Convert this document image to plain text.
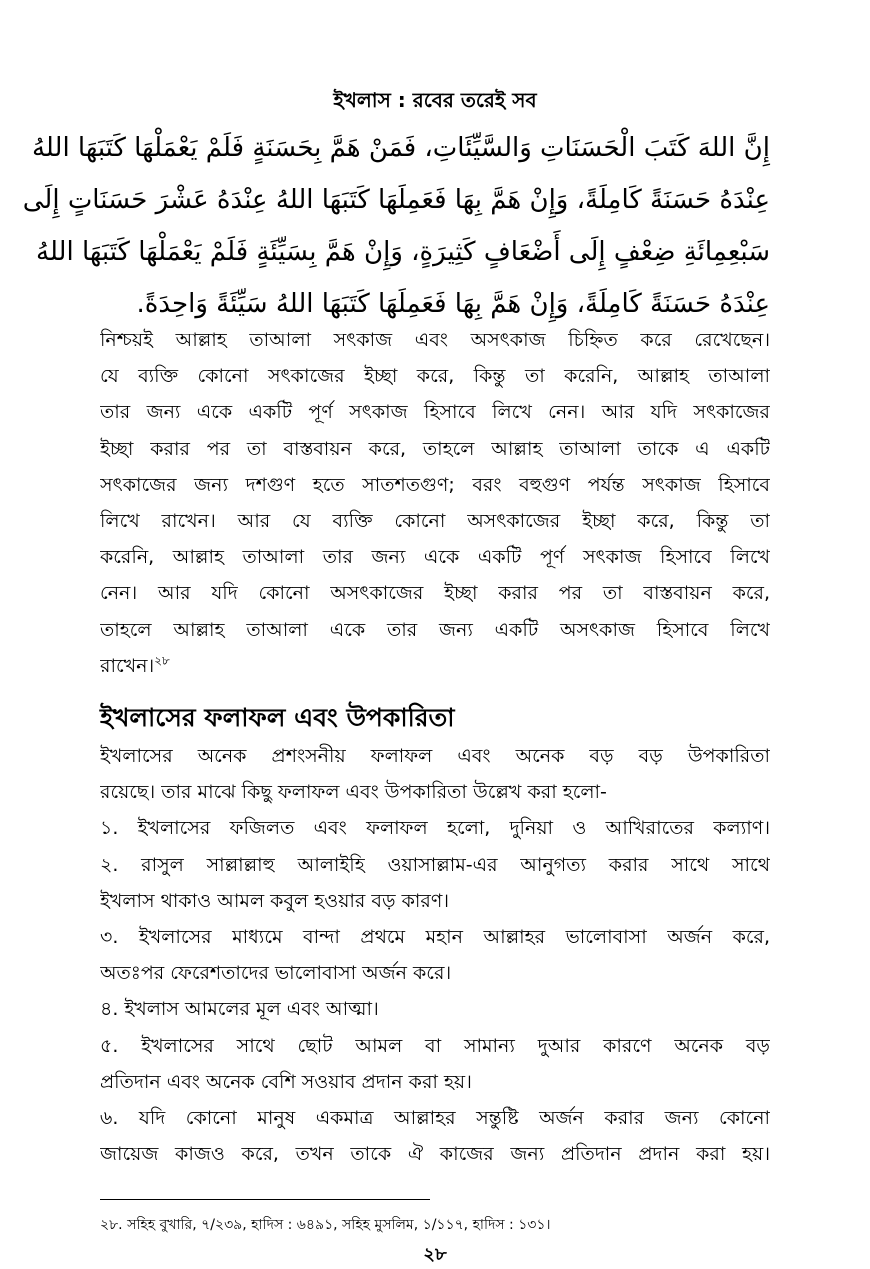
ইখলাস : রবের তরেই সব
إِنَّ اللهَ كَتَبَ الْحَسَنَاتِ وَالسَّيِّئَاتِ، فَمَنْ هَمَّ بِحَسَنَةٍ فَلَمْ يَعْمَلْهَا كَتَبَهَا اللهُ
عِنْدَهُ حَسَنَةً كَامِلَةً، وَإِنْ هَمَّ بِهَا فَعَمِلَهَا كَتَبَهَا اللهُ عِنْدَهُ عَشْرَ حَسَنَاتٍ إِلَى
سَبْعِمِائَةِ ضِعْفٍ إِلَى أَضْعَافٍ كَثِيرَةٍ، وَإِنْ هَمَّ بِسَيِّئَةٍ فَلَمْ يَعْمَلْهَا كَتَبَهَا اللهُ
عِنْدَهُ حَسَنَةً كَامِلَةً، وَإِنْ هَمَّ بِهَا فَعَمِلَهَا كَتَبَهَا اللهُ سَيِّئَةً وَاحِدَةً.
নিশ্চয়ই আল্লাহ তাআলা সৎকাজ এবং অসৎকাজ চিহ্নিত করে রেখেছেন।
যে ব্যক্তি কোনো সৎকাজের ইচ্ছা করে, কিন্তু তা করেনি, আল্লাহ তাআলা
তার জন্য একে একটি পূর্ণ সৎকাজ হিসাবে লিখে নেন। আর যদি সৎকাজের
ইচ্ছা করার পর তা বাস্তবায়ন করে, তাহলে আল্লাহ তাআলা তাকে এ একটি
সৎকাজের জন্য দশগুণ হতে সাতশতগুণ; বরং বহুগুণ পর্যন্ত সৎকাজ হিসাবে
লিখে রাখেন। আর যে ব্যক্তি কোনো অসৎকাজের ইচ্ছা করে, কিন্তু তা
করেনি, আল্লাহ তাআলা তার জন্য একে একটি পূর্ণ সৎকাজ হিসাবে লিখে
নেন। আর যদি কোনো অসৎকাজের ইচ্ছা করার পর তা বাস্তবায়ন করে,
তাহলে আল্লাহ তাআলা একে তার জন্য একটি অসৎকাজ হিসাবে লিখে
রাখেন।$^{২৮}$
ইখলাসের ফলাফল এবং উপকারিতা
ইখলাসের অনেক প্রশংসনীয় ফলাফল এবং অনেক বড় বড় উপকারিতা
রয়েছে। তার মাঝে কিছু ফলাফল এবং উপকারিতা উল্লেখ করা হলো-
১. ইখলাসের ফজিলত এবং ফলাফল হলো, দুনিয়া ও আখিরাতের কল্যাণ।
২. রাসুল সাল্লাল্লাহু আলাইহি ওয়াসাল্লাম-এর আনুগত্য করার সাথে সাথে
ইখলাস থাকাও আমল কবুল হওয়ার বড় কারণ।
৩. ইখলাসের মাধ্যমে বান্দা প্রথমে মহান আল্লাহর ভালোবাসা অর্জন করে,
অতঃপর ফেরেশতাদের ভালোবাসা অর্জন করে।
৪. ইখলাস আমলের মূল এবং আত্মা।
৫. ইখলাসের সাথে ছোট আমল বা সামান্য দুআর কারণে অনেক বড়
প্রতিদান এবং অনেক বেশি সওয়াব প্রদান করা হয়।
৬. যদি কোনো মানুষ একমাত্র আল্লাহর সন্তুষ্টি অর্জন করার জন্য কোনো
জায়েজ কাজও করে, তখন তাকে ঐ কাজের জন্য প্রতিদান প্রদান করা হয়।
২৮. সহিহ বুখারি, ৭/২৩৯, হাদিস : ৬৪৯১, সহিহ মুসলিম, ১/১১৭, হাদিস : ১৩১।
২৮
